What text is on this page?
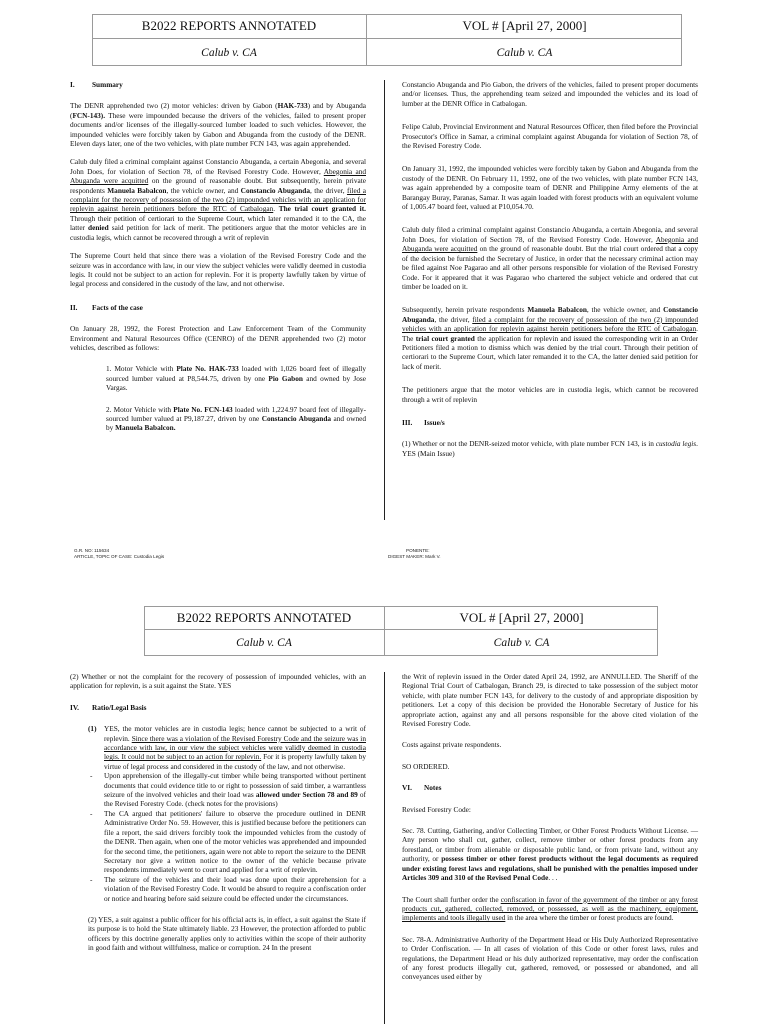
B2022 REPORTS ANNOTATED	VOL # [April 27, 2000]
Calub v. CA	Calub v. CA
I. Summary

The DENR apprehended two (2) motor vehicles: driven by Gabon (HAK-733) and by Abuganda (FCN-143). These were impounded because the drivers of the vehicles, failed to present proper documents and/or licenses of the illegally-sourced lumber loaded to such vehicles. However, the impounded vehicles were forcibly taken by Gabon and Abuganda from the custody of the DENR. Eleven days later, one of the two vehicles, with plate number FCN 143, was again apprehended.

Calub duly filed a criminal complaint against Constancio Abuganda, a certain Abegonia, and several John Does, for violation of Section 78, of the Revised Forestry Code. However, Abegonia and Abuganda were acquitted on the ground of reasonable doubt. But subsequently, herein private respondents Manuela Babalcon, the vehicle owner, and Constancio Abuganda, the driver, filed a complaint for the recovery of possession of the two (2) impounded vehicles with an application for replevin against herein petitioners before the RTC of Catbalogan. The trial court granted it. Through their petition of certiorari to the Supreme Court, which later remanded it to the CA, the latter denied said petition for lack of merit. The petitioners argue that the motor vehicles are in custodia legis, which cannot be recovered through a writ of replevin

The Supreme Court held that since there was a violation of the Revised Forestry Code and the seizure was in accordance with law, in our view the subject vehicles were validly deemed in custodia legis. It could not be subject to an action for replevin. For it is property lawfully taken by virtue of legal process and considered in the custody of the law, and not otherwise.

II. Facts of the case

On January 28, 1992, the Forest Protection and Law Enforcement Team of the Community Environment and Natural Resources Office (CENRO) of the DENR apprehended two (2) motor vehicles, described as follows:

1. Motor Vehicle with Plate No. HAK-733 loaded with 1,026 board feet of illegally sourced lumber valued at P8,544.75, driven by one Pio Gabon and owned by Jose Vargas.

2. Motor Vehicle with Plate No. FCN-143 loaded with 1,224.97 board feet of illegally-sourced lumber valued at P9,187.27, driven by one Constancio Abuganda and owned by Manuela Babalcon.

Constancio Abuganda and Pio Gabon, the drivers of the vehicles, failed to present proper documents and/or licenses. Thus, the apprehending team seized and impounded the vehicles and its load of lumber at the DENR Office in Catbalogan.

Felipe Calub, Provincial Environment and Natural Resources Officer, then filed before the Provincial Prosecutor's Office in Samar, a criminal complaint against Abuganda for violation of Section 78, of the Revised Forestry Code.

On January 31, 1992, the impounded vehicles were forcibly taken by Gabon and Abuganda from the custody of the DENR. On February 11, 1992, one of the two vehicles, with plate number FCN 143, was again apprehended by a composite team of DENR and Philippine Army elements of the at Barangay Buray, Paranas, Samar. It was again loaded with forest products with an equivalent volume of 1,005.47 board feet, valued at P10,054.70.

Calub duly filed a criminal complaint against Constancio Abuganda, a certain Abegonia, and several John Does, for violation of Section 78, of the Revised Forestry Code. However, Abegonia and Abuganda were acquitted on the ground of reasonable doubt. But the trial court ordered that a copy of the decision be furnished the Secretary of Justice, in order that the necessary criminal action may be filed against Noe Pagarao and all other persons responsible for violation of the Revised Forestry Code. For it appeared that it was Pagarao who chartered the subject vehicle and ordered that cut timber be loaded on it.

Subsequently, herein private respondents Manuela Babalcon, the vehicle owner, and Constancio Abuganda, the driver, filed a complaint for the recovery of possession of the two (2) impounded vehicles with an application for replevin against herein petitioners before the RTC of Catbalogan. The trial court granted the application for replevin and issued the corresponding writ in an Order Petitioners filed a motion to dismiss which was denied by the trial court. Through their petition of certiorari to the Supreme Court, which later remanded it to the CA, the latter denied said petition for lack of merit.

The petitioners argue that the motor vehicles are in custodia legis, which cannot be recovered through a writ of replevin

III. Issue/s

(1) Whether or not the DENR-seized motor vehicle, with plate number FCN 143, is in custodia legis. YES (Main Issue)

G.R. NO: 115634
ARTICLE, TOPIC OF CASE: Custodia Legis
PONENTE:
DIGEST MAKER: Mark V.
B2022 REPORTS ANNOTATED	VOL # [April 27, 2000]
Calub v. CA	Calub v. CA

(2) Whether or not the complaint for the recovery of possession of impounded vehicles, with an application for replevin, is a suit against the State. YES

IV. Ratio/Legal Basis
(1) YES, the motor vehicles are in custodia legis; hence cannot be subjected to a writ of replevin. Since there was a violation of the Revised Forestry Code and the seizure was in accordance with law, in our view the subject vehicles were validly deemed in custodia legis. It could not be subject to an action for replevin. For it is property lawfully taken by virtue of legal process and considered in the custody of the law, and not otherwise.
- Upon apprehension of the illegally-cut timber while being transported without pertinent documents that could evidence title to or right to possession of said timber, a warrantless seizure of the involved vehicles and their load was allowed under Section 78 and 89 of the Revised Forestry Code. (check notes for the provisions)
- The CA argued that petitioners' failure to observe the procedure outlined in DENR Administrative Order No. 59. However, this is justified because before the petitioners can file a report, the said drivers forcibly took the impounded vehicles from the custody of the DENR. Then again, when one of the motor vehicles was apprehended and impounded for the second time, the petitioners, again were not able to report the seizure to the DENR Secretary nor give a written notice to the owner of the vehicle because private respondents immediately went to court and applied for a writ of replevin.
- The seizure of the vehicles and their load was done upon their apprehension for a violation of the Revised Forestry Code. It would be absurd to require a confiscation order or notice and hearing before said seizure could be effected under the circumstances.

(2) YES, a suit against a public officer for his official acts is, in effect, a suit against the State if its purpose is to hold the State ultimately liable. 23 However, the protection afforded to public officers by this doctrine generally applies only to activities within the scope of their authority in good faith and without willfulness, malice or corruption. 24 In the present

the Writ of replevin issued in the Order dated April 24, 1992, are ANNULLED. The Sheriff of the Regional Trial Court of Catbalogan, Branch 29, is directed to take possession of the subject motor vehicle, with plate number FCN 143, for delivery to the custody of and appropriate disposition by petitioners. Let a copy of this decision be provided the Honorable Secretary of Justice for his appropriate action, against any and all persons responsible for the above cited violation of the Revised Forestry Code.

Costs against private respondents.

SO ORDERED.

VI. Notes

Revised Forestry Code:

Sec. 78. Cutting, Gathering, and/or Collecting Timber, or Other Forest Products Without License. — Any person who shall cut, gather, collect, remove timber or other forest products from any forestland, or timber from alienable or disposable public land, or from private land, without any authority, or possess timber or other forest products without the legal documents as required under existing forest laws and regulations, shall be punished with the penalties imposed under Articles 309 and 310 of the Revised Penal Code. . .

The Court shall further order the confiscation in favor of the government of the timber or any forest products cut, gathered, collected, removed, or possessed, as well as the machinery, equipment, implements and tools illegally used in the area where the timber or forest products are found.

Sec. 78-A. Administrative Authority of the Department Head or His Duly Authorized Representative to Order Confiscation. — In all cases of violation of this Code or other forest laws, rules and regulations, the Department Head or his duly authorized representative, may order the confiscation of any forest products illegally cut, gathered, removed, or possessed or abandoned, and all conveyances used either by
